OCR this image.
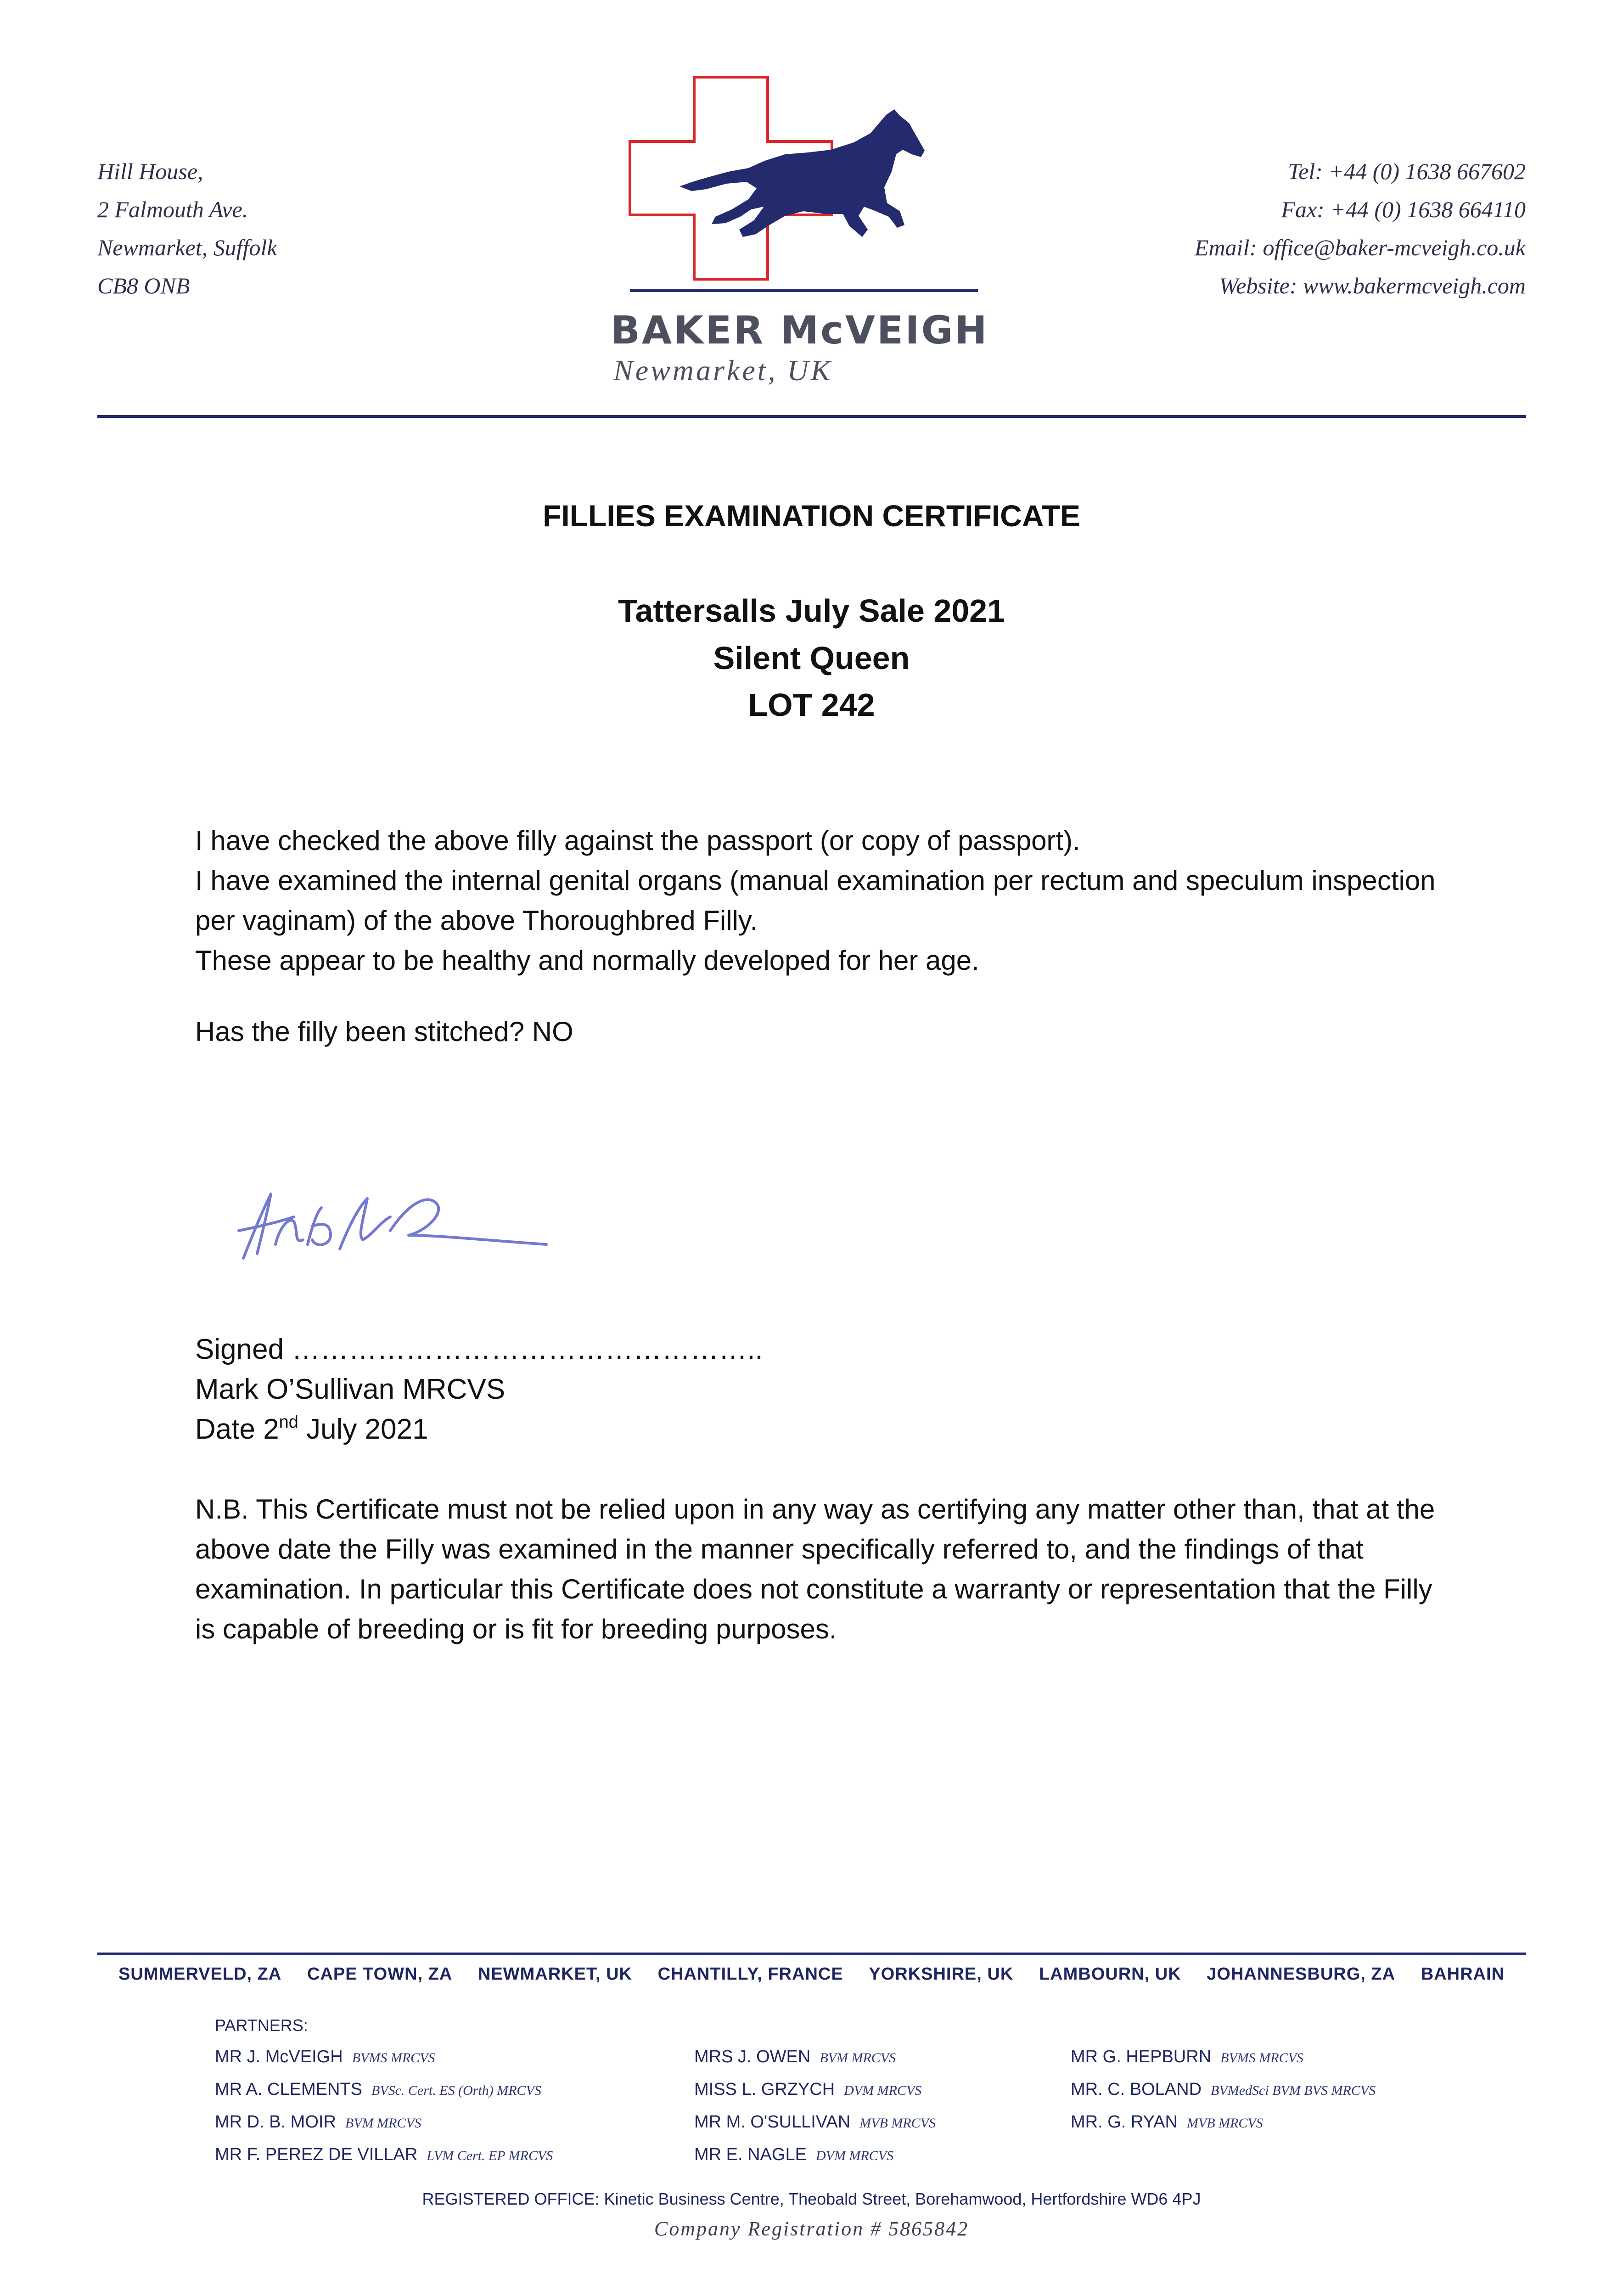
Hill House,
2 Falmouth Ave.
Newmarket, Suffolk
CB8 ONB
BAKER McVEIGH
Newmarket, UK
Tel: +44 (0) 1638 667602
Fax: +44 (0) 1638 664110
Email: office@baker-mcveigh.co.uk
Website: www.bakermcveigh.com
FILLIES EXAMINATION CERTIFICATE
Tattersalls July Sale 2021
Silent Queen
LOT 242

I have checked the above filly against the passport (or copy of passport).

I have examined the internal genital organs (manual examination per rectum and speculum inspection per vaginam) of the above Thoroughbred Filly.

These appear to be healthy and normally developed for her age.

Has the filly been stitched? NO
Signed …………………………………………..
Mark O’Sullivan MRCVS
Date 2nd July 2021
N.B. This Certificate must not be relied upon in any way as certifying any matter other than, that at the above date the Filly was examined in the manner specifically referred to, and the findings of that examination. In particular this Certificate does not constitute a warranty or representation that the Filly is capable of breeding or is fit for breeding purposes.
SUMMERVELD, ZA CAPE TOWN, ZA NEWMARKET, UK CHANTILLY, FRANCE YORKSHIRE, UK LAMBOURN, UK JOHANNESBURG, ZA BAHRAIN
PARTNERS:
MR J. McVEIGH BVMS MRCVS
MR A. CLEMENTS BVSc. Cert. ES (Orth) MRCVS
MR D. B. MOIR BVM MRCVS
MR F. PEREZ DE VILLAR LVM Cert. EP MRCVS
MRS J. OWEN BVM MRCVS
MISS L. GRZYCH DVM MRCVS
MR M. O'SULLIVAN MVB MRCVS
MR E. NAGLE DVM MRCVS
MR G. HEPBURN BVMS MRCVS
MR. C. BOLAND BVMedSci BVM BVS MRCVS
MR. G. RYAN MVB MRCVS
REGISTERED OFFICE: Kinetic Business Centre, Theobald Street, Borehamwood, Hertfordshire WD6 4PJ
Company Registration # 5865842
